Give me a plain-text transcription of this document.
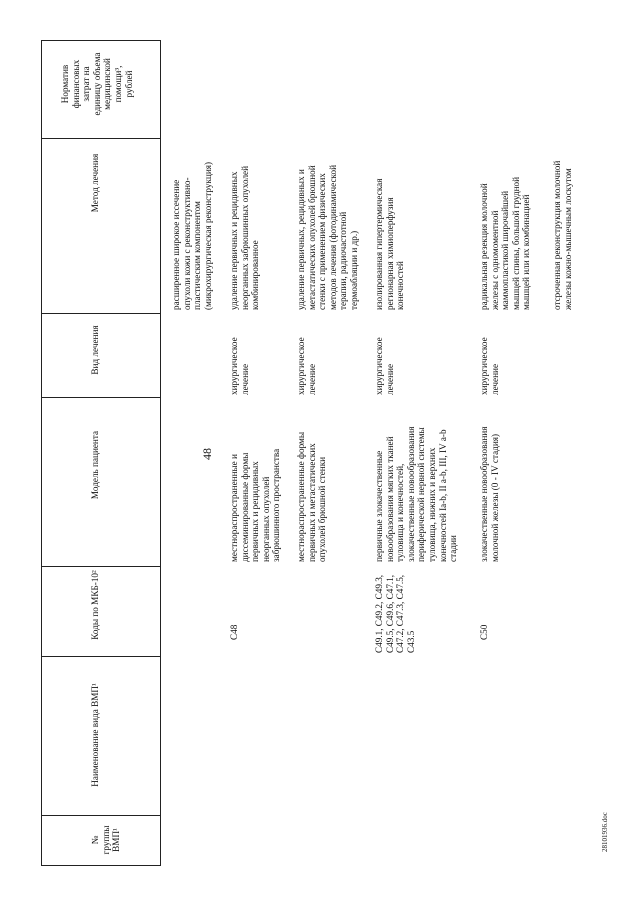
Норматив
финансовых
затрат на
единицу объема
медицинской
помощи³,
рублей
Метод лечения
Вид лечения
Модель пациента
Коды по МКБ-10²
Наименование вида ВМП¹
№
группы
ВМП¹
48
расширенное широкое иссечение
опухоли кожи с реконструктивно-
пластическим компонентом
(микрохирургическая реконструкция)
C48
местнораспространенные и
диссеминированные формы
первичных и рецидивных
неорганных опухолей
забрюшинного пространства
хирургическое
лечение
удаление первичных и рецидивных
неорганных забрюшинных опухолей
комбинированное
местнораспространенные формы
первичных и метастатических
опухолей брюшной стенки
хирургическое
лечение
удаление первичных, рецидивных и
метастатических опухолей брюшной
стенки с применением физических
методов лечения (фотодинамической
терапии, радиочастотной
термоабляции и др.)
C49.1, C49.2, C49.3,
C49.5, C49.6, C47.1,
C47.2, C47.3, C47.5,
C43.5
первичные злокачественные
новообразования мягких тканей
туловища и конечностей,
злокачественные новообразования
периферической нервной системы
туловища, нижних и верхних
конечностей Ia-b, II a-b, III, IV a-b
стадии
хирургическое
лечение
изолированная гипертермическая
регионарная химиоперфузия
конечностей
C50
злокачественные новообразования
молочной железы (0 - IV стадия)
хирургическое
лечение
радикальная резекция молочной
железы с одномоментной
маммопластикой широчайшей
мышцей спины, большой грудной
мышцей или их комбинацией
отсроченная реконструкция молочной
железы кожно-мышечным лоскутом
28101936.doc
